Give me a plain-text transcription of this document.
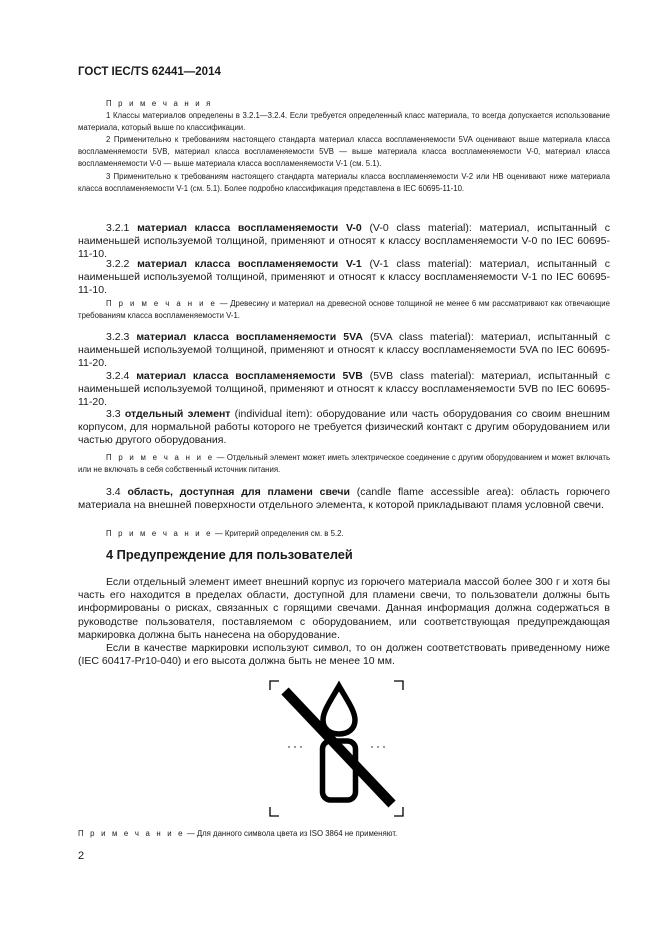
ГОСТ IEC/TS 62441—2014

П р и м е ч а н и я

1 Классы материалов определены в 3.2.1—3.2.4. Если требуется определенный класс материала, то всегда допускается использование материала, который выше по классификации.

2 Применительно к требованиям настоящего стандарта материал класса воспламеняемости 5VA оценивают выше материала класса воспламеняемости 5VB, материал класса воспламеняемости 5VB — выше материала класса воспламеняемости V-0, материал класса воспламеняемости V-0 — выше материала класса воспламеняемости V-1 (см. 5.1).

3 Применительно к требованиям настоящего стандарта материалы класса воспламеняемости V-2 или HB оценивают ниже материала класса воспламеняемости V-1 (см. 5.1). Более подробно классификация представлена в IEC 60695-11-10.

3.2.1 материал класса воспламеняемости V-0 (V-0 class material): материал, испытанный с наименьшей используемой толщиной, применяют и относят к классу воспламеняемости V-0 по IEC 60695-11-10.

3.2.2 материал класса воспламеняемости V-1 (V-1 class material): материал, испытанный с наименьшей используемой толщиной, применяют и относят к классу воспламеняемости V-1 по IEC 60695-11-10.

П р и м е ч а н и е — Древесину и материал на древесной основе толщиной не менее 6 мм рассматривают как отвечающие требованиям класса воспламеняемости V-1.

3.2.3 материал класса воспламеняемости 5VA (5VA class material): материал, испытанный с наименьшей используемой толщиной, применяют и относят к классу воспламеняемости 5VA по IEC 60695-11-20.

3.2.4 материал класса воспламеняемости 5VB (5VB class material): материал, испытанный с наименьшей используемой толщиной, применяют и относят к классу воспламеняемости 5VB по IEC 60695-11-20.

3.3 отдельный элемент (individual item): оборудование или часть оборудования со своим внешним корпусом, для нормальной работы которого не требуется физический контакт с другим оборудованием или частью другого оборудования.

П р и м е ч а н и е — Отдельный элемент может иметь электрическое соединение с другим оборудованием и может включать или не включать в себя собственный источник питания.

3.4 область, доступная для пламени свечи (candle flame accessible area): область горючего материала на внешней поверхности отдельного элемента, к которой прикладывают пламя условной свечи.

П р и м е ч а н и е — Критерий определения см. в 5.2.

4 Предупреждение для пользователей

Если отдельный элемент имеет внешний корпус из горючего материала массой более 300 г и хотя бы часть его находится в пределах области, доступной для пламени свечи, то пользователи должны быть информированы о рисках, связанных с горящими свечами. Данная информация должна содержаться в руководстве пользователя, поставляемом с оборудованием, или соответствующая предупреждающая маркировка должна быть нанесена на оборудование.

Если в качестве маркировки используют символ, то он должен соответствовать приведенному ниже (IEC 60417-Pr10-040) и его высота должна быть не менее 10 мм.

П р и м е ч а н и е — Для данного символа цвета из ISO 3864 не применяют.

2
